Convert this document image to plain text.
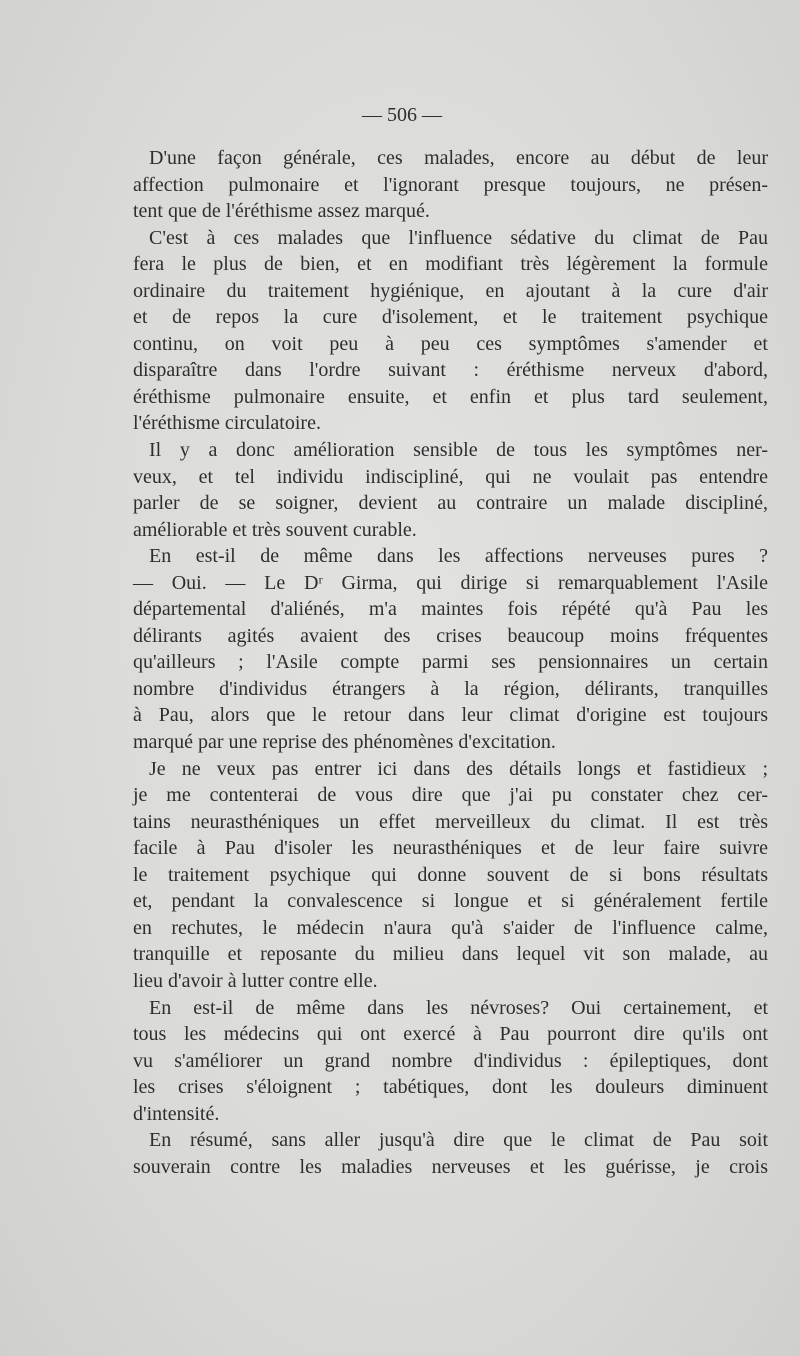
— 506 —
D'une façon générale, ces malades, encore au début de leur
affection pulmonaire et l'ignorant presque toujours, ne présen-
tent que de l'éréthisme assez marqué.
C'est à ces malades que l'influence sédative du climat de Pau
fera le plus de bien, et en modifiant très légèrement la formule
ordinaire du traitement hygiénique, en ajoutant à la cure d'air
et de repos la cure d'isolement, et le traitement psychique
continu, on voit peu à peu ces symptômes s'amender et
disparaître dans l'ordre suivant : éréthisme nerveux d'abord,
éréthisme pulmonaire ensuite, et enfin et plus tard seulement,
l'éréthisme circulatoire.
Il y a donc amélioration sensible de tous les symptômes ner-
veux, et tel individu indiscipliné, qui ne voulait pas entendre
parler de se soigner, devient au contraire un malade discipliné,
améliorable et très souvent curable.
En est-il de même dans les affections nerveuses pures ?
— Oui. — Le Dʳ Girma, qui dirige si remarquablement l'Asile
départemental d'aliénés, m'a maintes fois répété qu'à Pau les
délirants agités avaient des crises beaucoup moins fréquentes
qu'ailleurs ; l'Asile compte parmi ses pensionnaires un certain
nombre d'individus étrangers à la région, délirants, tranquilles
à Pau, alors que le retour dans leur climat d'origine est toujours
marqué par une reprise des phénomènes d'excitation.
Je ne veux pas entrer ici dans des détails longs et fastidieux ;
je me contenterai de vous dire que j'ai pu constater chez cer-
tains neurasthéniques un effet merveilleux du climat. Il est très
facile à Pau d'isoler les neurasthéniques et de leur faire suivre
le traitement psychique qui donne souvent de si bons résultats
et, pendant la convalescence si longue et si généralement fertile
en rechutes, le médecin n'aura qu'à s'aider de l'influence calme,
tranquille et reposante du milieu dans lequel vit son malade, au
lieu d'avoir à lutter contre elle.
En est-il de même dans les névroses? Oui certainement, et
tous les médecins qui ont exercé à Pau pourront dire qu'ils ont
vu s'améliorer un grand nombre d'individus : épileptiques, dont
les crises s'éloignent ; tabétiques, dont les douleurs diminuent
d'intensité.
En résumé, sans aller jusqu'à dire que le climat de Pau soit
souverain contre les maladies nerveuses et les guérisse, je crois
